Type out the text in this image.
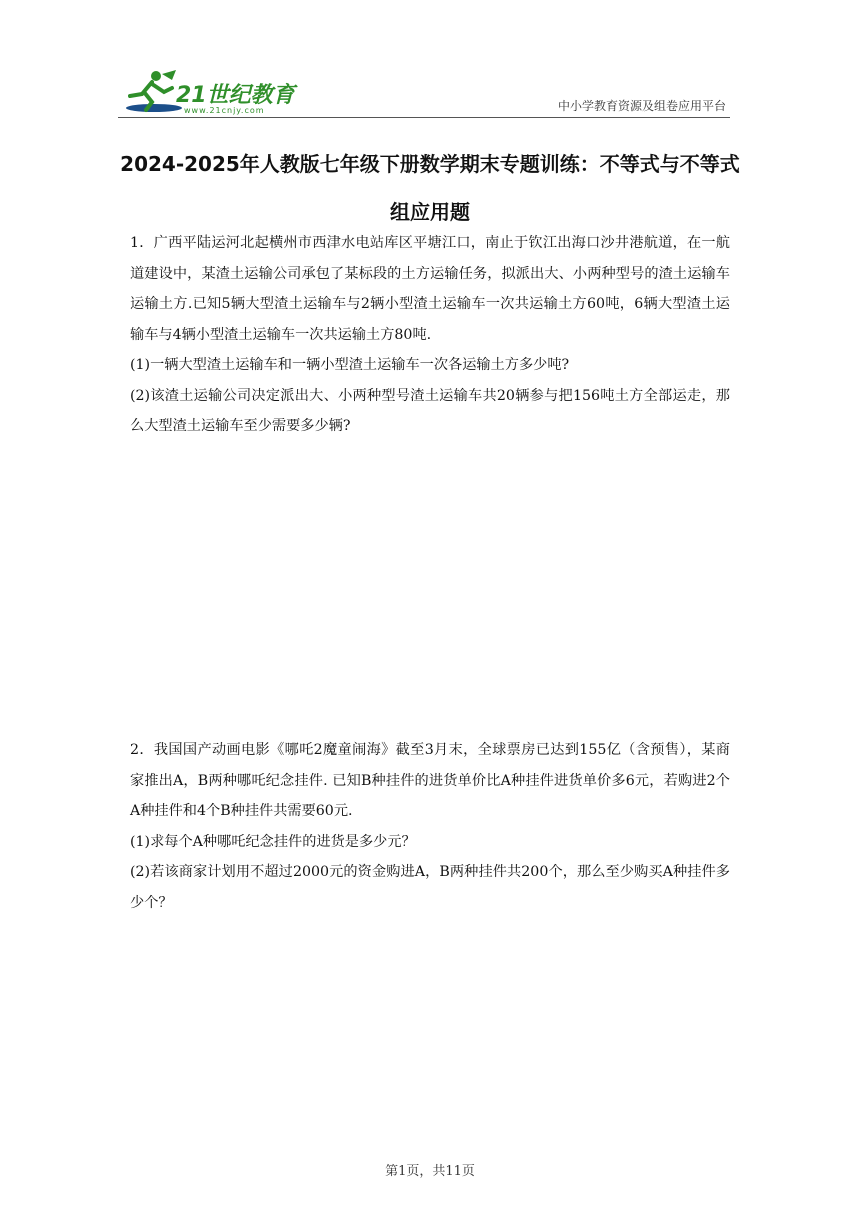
21世纪教育
www.21cnjy.com	中小学教育资源及组卷应用平台
2024-2025年人教版七年级下册数学期末专题训练：不等式与不等式组应用题

1．广西平陆运河北起横州市西津水电站库区平塘江口，南止于钦江出海口沙井港航道，在一航道建设中，某渣土运输公司承包了某标段的土方运输任务，拟派出大、小两种型号的渣土运输车运输土方.已知5辆大型渣土运输车与2辆小型渣土运输车一次共运输土方60吨，6辆大型渣土运输车与4辆小型渣土运输车一次共运输土方80吨.

(1)一辆大型渣土运输车和一辆小型渣土运输车一次各运输土方多少吨?

(2)该渣土运输公司决定派出大、小两种型号渣土运输车共20辆参与把156吨土方全部运走，那么大型渣土运输车至少需要多少辆?

2．我国国产动画电影《哪吒2魔童闹海》截至3月末，全球票房已达到155亿（含预售），某商家推出A，B两种哪吒纪念挂件. 已知B种挂件的进货单价比A种挂件进货单价多6元，若购进2个A种挂件和4个B种挂件共需要60元.

(1)求每个A种哪吒纪念挂件的进货是多少元？

(2)若该商家计划用不超过2000元的资金购进A，B两种挂件共200个，那么至少购买A种挂件多少个？

第1页，共11页
